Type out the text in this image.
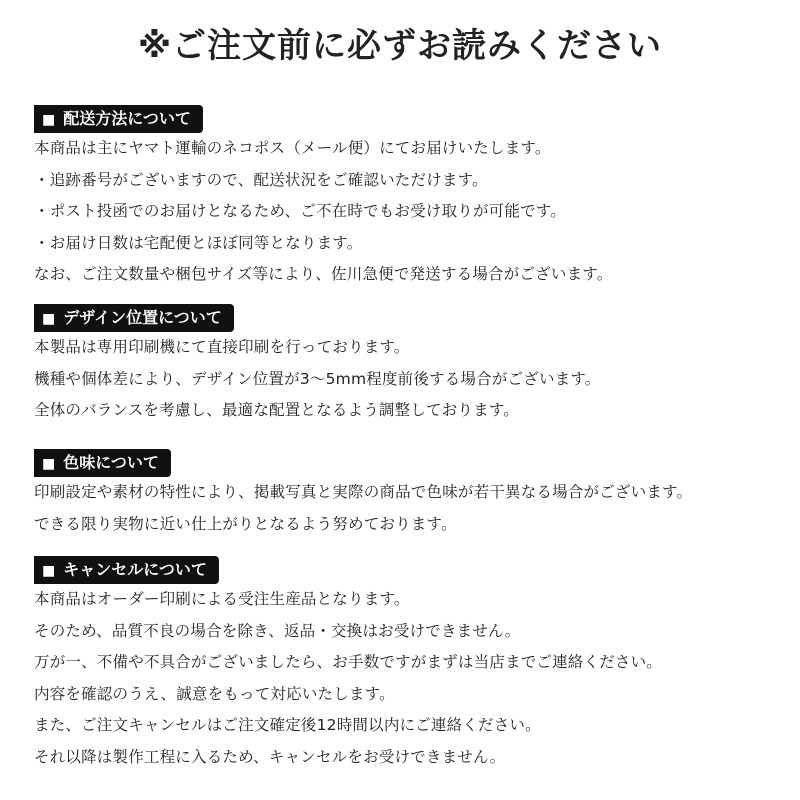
※ご注文前に必ずお読みください
■ 配送方法について
本商品は主にヤマト運輸のネコポス（メール便）にてお届けいたします。
・追跡番号がございますので、配送状況をご確認いただけます。
・ポスト投函でのお届けとなるため、ご不在時でもお受け取りが可能です。
・お届け日数は宅配便とほぼ同等となります。
なお、ご注文数量や梱包サイズ等により、佐川急便で発送する場合がございます。
■ デザイン位置について
本製品は専用印刷機にて直接印刷を行っております。
機種や個体差により、デザイン位置が3～5mm程度前後する場合がございます。
全体のバランスを考慮し、最適な配置となるよう調整しております。
■ 色味について
印刷設定や素材の特性により、掲載写真と実際の商品で色味が若干異なる場合がございます。
できる限り実物に近い仕上がりとなるよう努めております。
■ キャンセルについて
本商品はオーダー印刷による受注生産品となります。
そのため、品質不良の場合を除き、返品・交換はお受けできません。
万が一、不備や不具合がございましたら、お手数ですがまずは当店までご連絡ください。
内容を確認のうえ、誠意をもって対応いたします。
また、ご注文キャンセルはご注文確定後12時間以内にご連絡ください。
それ以降は製作工程に入るため、キャンセルをお受けできません。
